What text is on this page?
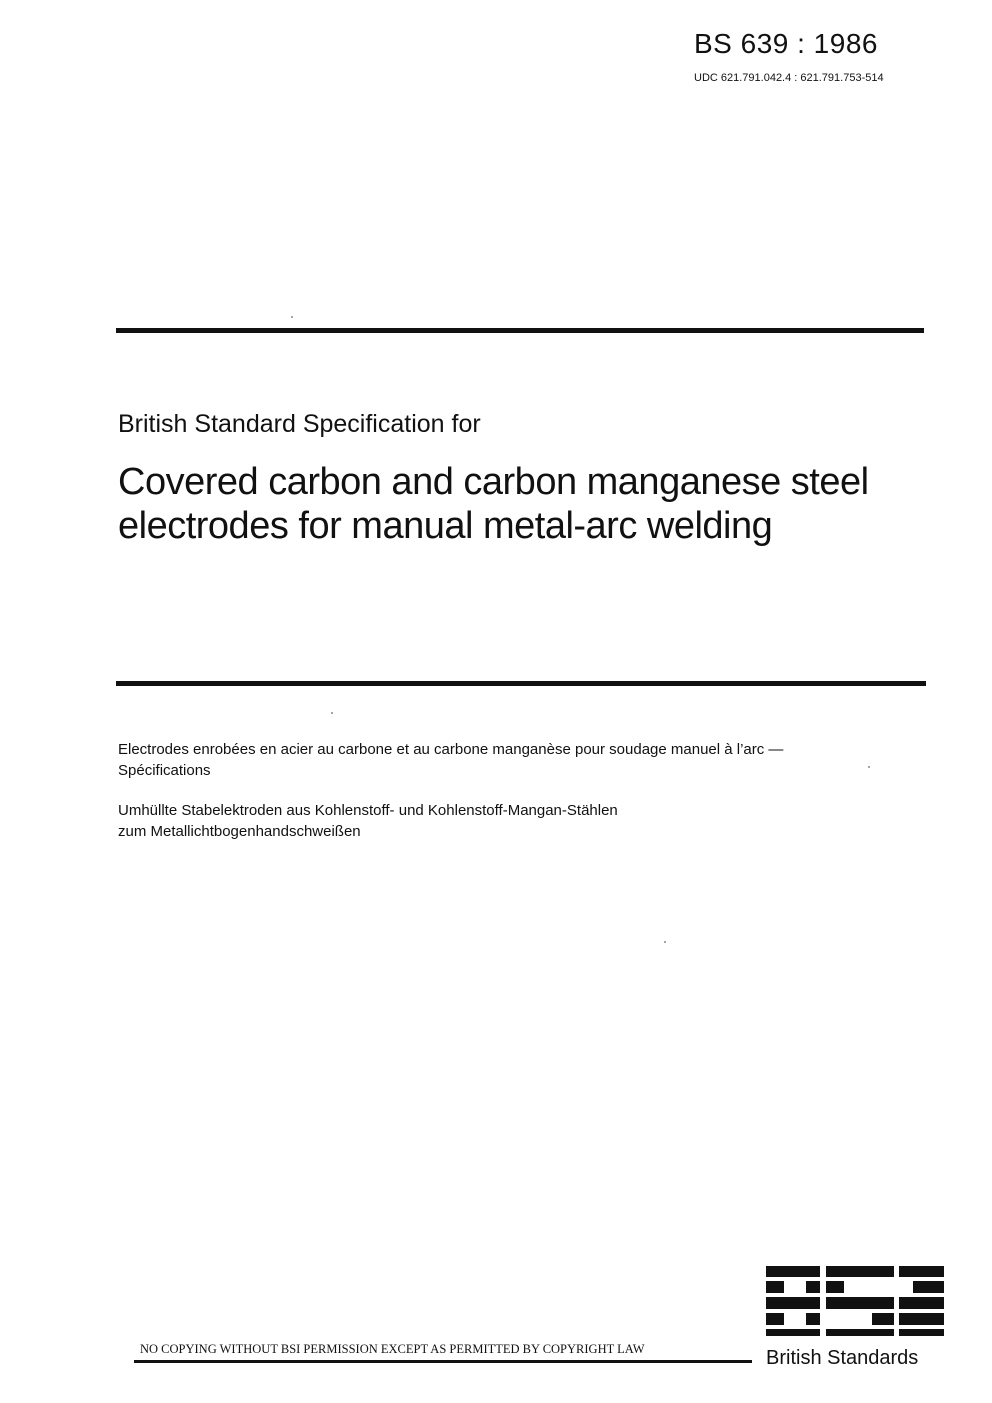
BS 639 : 1986
UDC 621.791.042.4 : 621.791.753-514
British Standard Specification for
Covered carbon and carbon manganese steel
electrodes for manual metal-arc welding
Electrodes enrobées en acier au carbone et au carbone manganèse pour soudage manuel à l’arc —
Spécifications
Umhüllte Stabelektroden aus Kohlenstoff- und Kohlenstoff-Mangan-Stählen
zum Metallichtbogenhandschweißen
NO COPYING WITHOUT BSI PERMISSION EXCEPT AS PERMITTED BY COPYRIGHT LAW	British Standards
